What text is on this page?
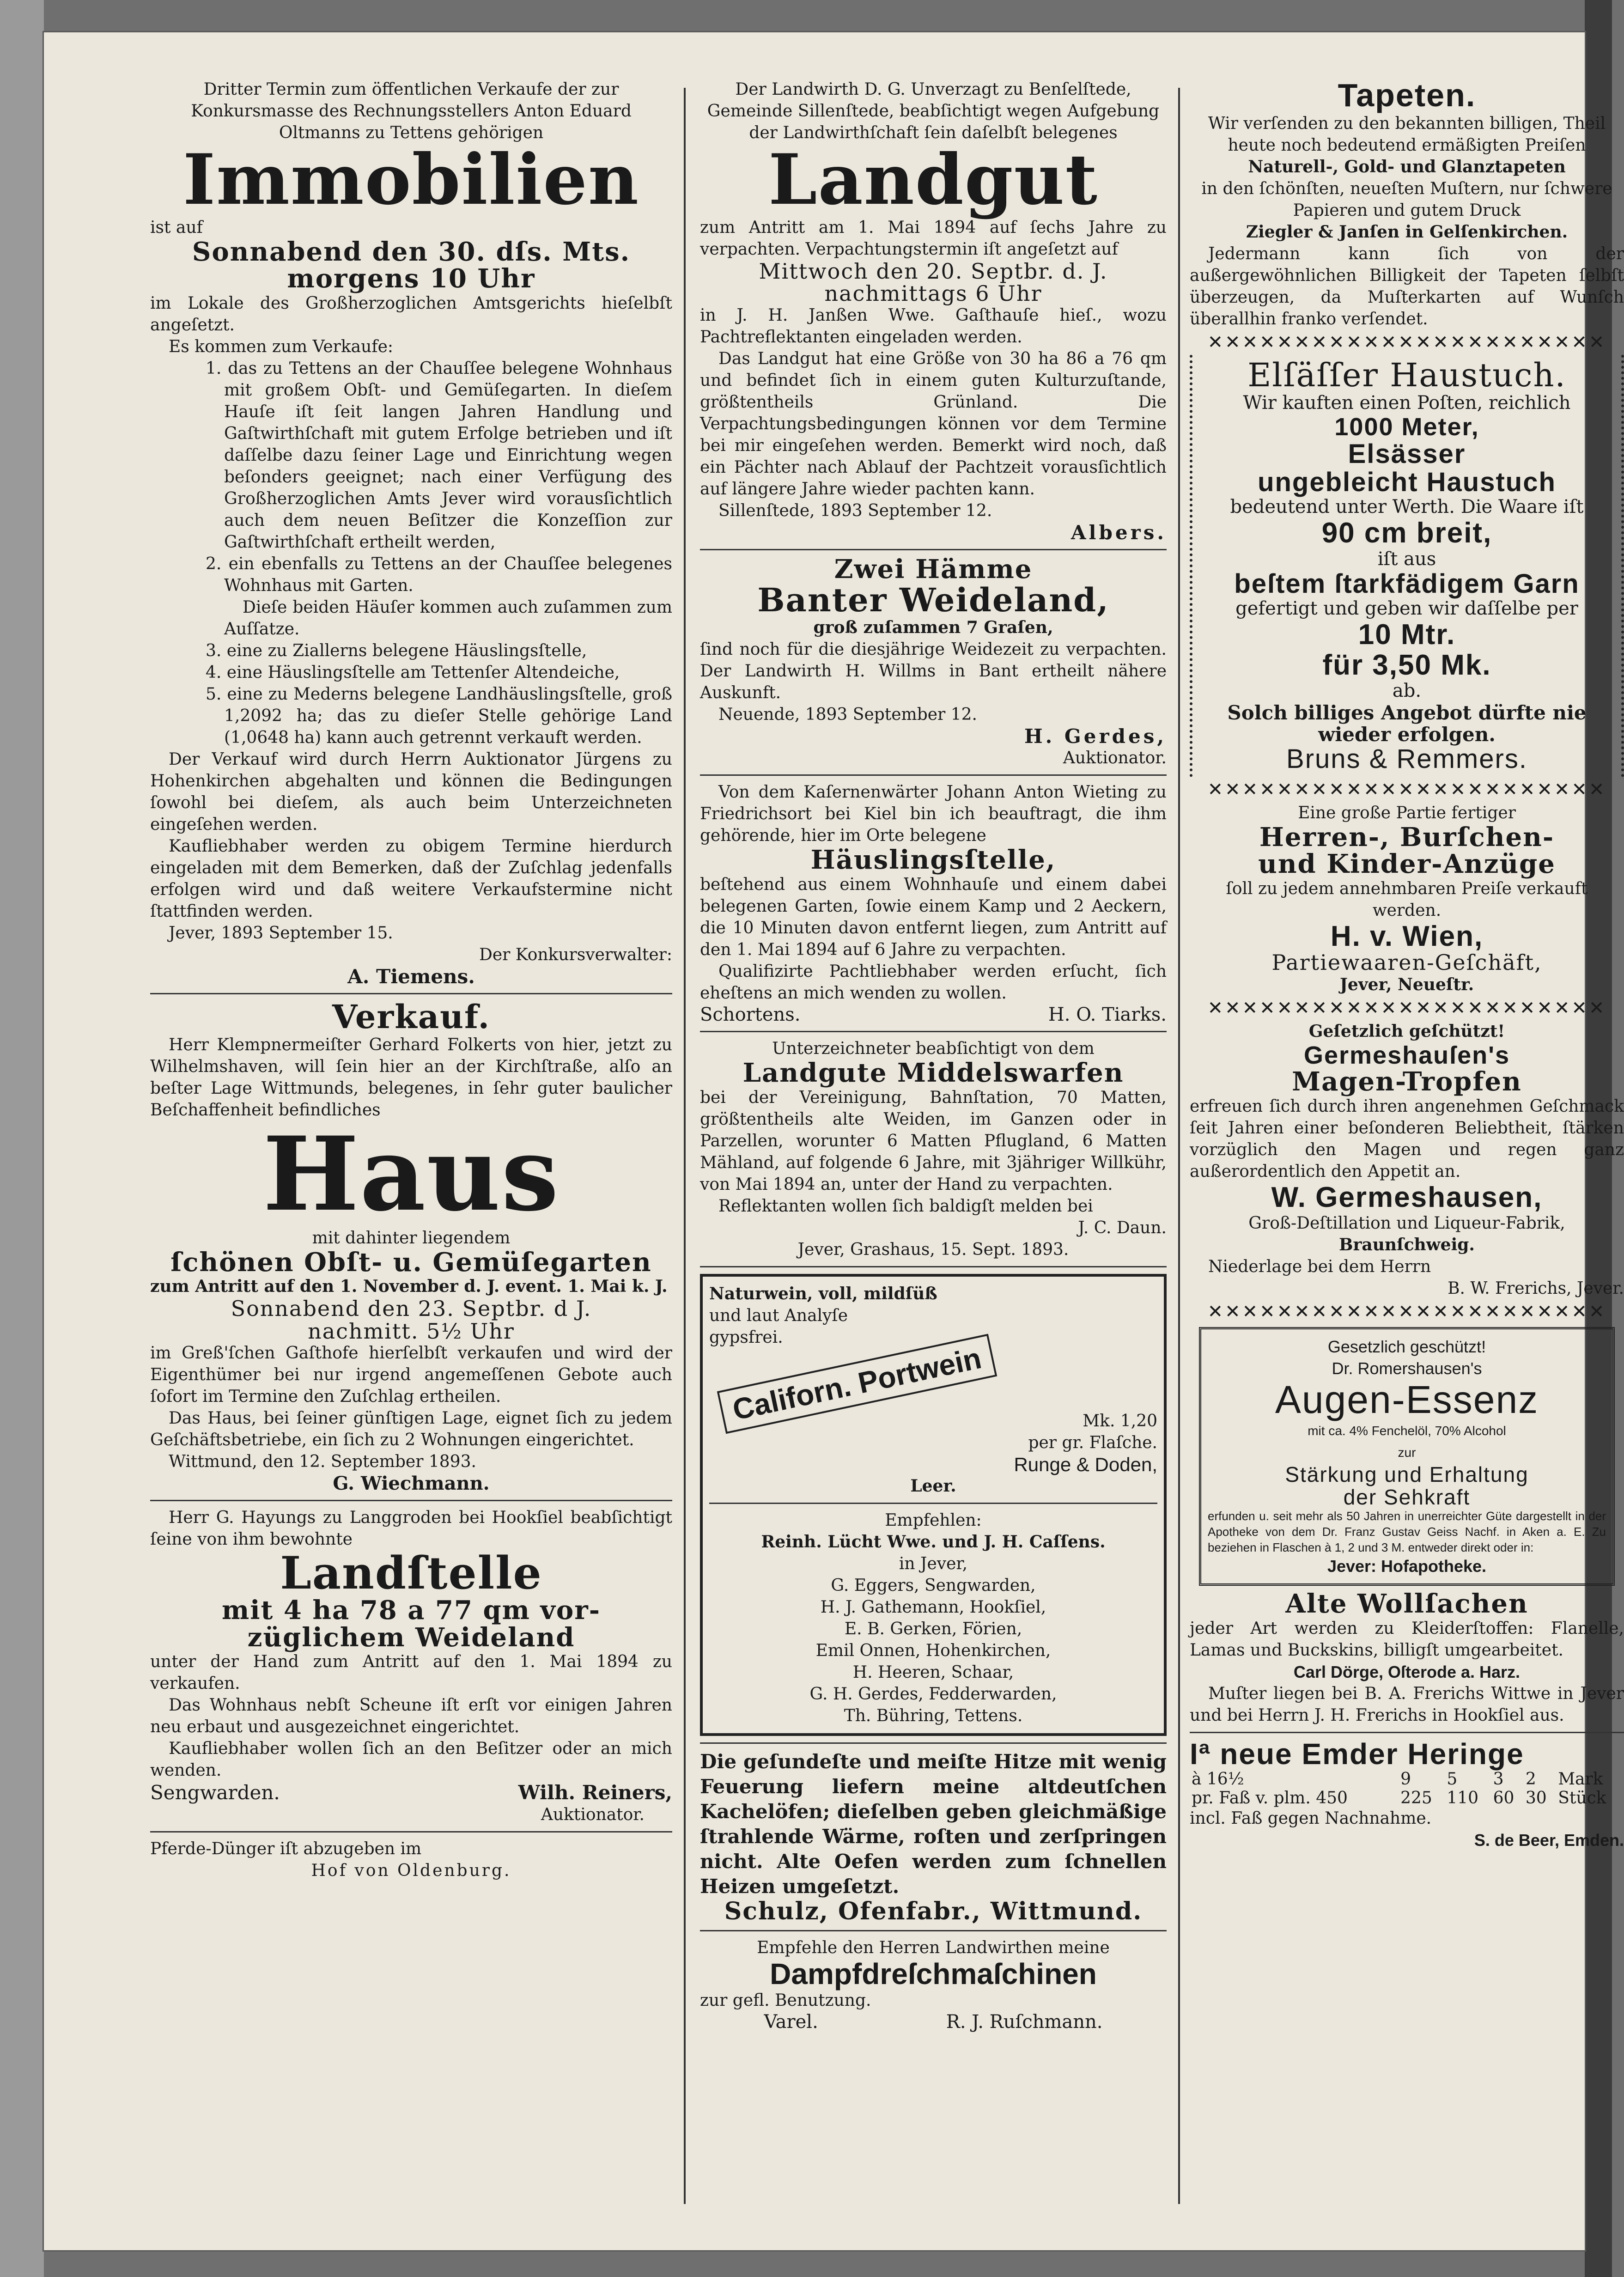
Dritter Termin zum öffentlichen Verkaufe der zur Konkursmasse des Rechnungsstellers Anton Eduard Oltmanns zu Tettens gehörigen

Immobilien

ist auf

Sonnabend den 30. dſs. Mts.

morgens 10 Uhr

im Lokale des Großherzoglichen Amtsgerichts hieſelbſt angeſetzt.

Es kommen zum Verkaufe:

1. das zu Tettens an der Chauſſee belegene Wohnhaus mit großem Obſt- und Gemüſegarten. In dieſem Hauſe iſt ſeit langen Jahren Handlung und Gaſtwirthſchaft mit gutem Erfolge betrieben und iſt daſſelbe dazu ſeiner Lage und Einrichtung wegen beſonders geeignet; nach einer Verfügung des Großherzoglichen Amts Jever wird vorausſichtlich auch dem neuen Beſitzer die Konzeſſion zur Gaſtwirthſchaft ertheilt werden,

2. ein ebenfalls zu Tettens an der Chauſſee belegenes Wohnhaus mit Garten.

Dieſe beiden Häuſer kommen auch zuſammen zum Auſſatze.

3. eine zu Ziallerns belegene Häuslingsſtelle,

4. eine Häuslingsſtelle am Tettenſer Altendeiche,

5. eine zu Mederns belegene Landhäuslingsſtelle, groß 1,2092 ha; das zu dieſer Stelle gehörige Land (1,0648 ha) kann auch getrennt verkauft werden.

Der Verkauf wird durch Herrn Auktionator Jürgens zu Hohenkirchen abgehalten und können die Bedingungen ſowohl bei dieſem, als auch beim Unterzeichneten eingeſehen werden.

Kaufliebhaber werden zu obigem Termine hierdurch eingeladen mit dem Bemerken, daß der Zuſchlag jedenfalls erfolgen wird und daß weitere Verkaufstermine nicht ſtattfinden werden.

Jever, 1893 September 15.

Der Konkursverwalter:

A. Tiemens.

Verkauf.

Herr Klempnermeiſter Gerhard Folkerts von hier, jetzt zu Wilhelmshaven, will ſein hier an der Kirchſtraße, alſo an beſter Lage Wittmunds, belegenes, in ſehr guter baulicher Beſchaffenheit befindliches

Haus

mit dahinter liegendem

ſchönen Obſt- u. Gemüſegarten

zum Antritt auf den 1. November d. J. event. 1. Mai k. J.

Sonnabend den 23. Septbr. d J.

nachmitt. 5½ Uhr

im Greß'ſchen Gaſthofe hierſelbſt verkaufen und wird der Eigenthümer bei nur irgend angemeſſenen Gebote auch ſofort im Termine den Zuſchlag ertheilen.

Das Haus, bei ſeiner günſtigen Lage, eignet ſich zu jedem Geſchäftsbetriebe, ein ſich zu 2 Wohnungen eingerichtet.

Wittmund, den 12. September 1893.

G. Wiechmann.

Herr G. Hayungs zu Langgroden bei Hookſiel beabſichtigt ſeine von ihm bewohnte

Landſtelle

mit 4 ha 78 a 77 qm vor-

züglichem Weideland

unter der Hand zum Antritt auf den 1. Mai 1894 zu verkaufen.

Das Wohnhaus nebſt Scheune iſt erſt vor einigen Jahren neu erbaut und ausgezeichnet eingerichtet.

Kaufliebhaber wollen ſich an den Beſitzer oder an mich wenden.

Sengwarden.	Wilh. Reiners,

Auktionator.

Pferde-Dünger iſt abzugeben im

Hof von Oldenburg.

Der Landwirth D. G. Unverzagt zu Benſelſtede, Gemeinde Sillenſtede, beabſichtigt wegen Aufgebung der Landwirthſchaft ſein daſelbſt belegenes

Landgut

zum Antritt am 1. Mai 1894 auf ſechs Jahre zu verpachten. Verpachtungstermin iſt angeſetzt auf

Mittwoch den 20. Septbr. d. J.

nachmittags 6 Uhr

in J. H. Janßen Wwe. Gaſthauſe hieſ., wozu Pachtreflektanten eingeladen werden.

Das Landgut hat eine Größe von 30 ha 86 a 76 qm und befindet ſich in einem guten Kulturzuſtande, größtentheils Grünland. Die Verpachtungsbedingungen können vor dem Termine bei mir eingeſehen werden. Bemerkt wird noch, daß ein Pächter nach Ablauf der Pachtzeit vorausſichtlich auf längere Jahre wieder pachten kann.

Sillenſtede, 1893 September 12.

Albers.

Zwei Hämme

Banter Weideland,

groß zuſammen 7 Graſen,

ſind noch für die diesjährige Weidezeit zu verpachten. Der Landwirth H. Willms in Bant ertheilt nähere Auskunft.

Neuende, 1893 September 12.

H. Gerdes,

Auktionator.

Von dem Kaſernenwärter Johann Anton Wieting zu Friedrichsort bei Kiel bin ich beauftragt, die ihm gehörende, hier im Orte belegene

Häuslingsſtelle,

beſtehend aus einem Wohnhauſe und einem dabei belegenen Garten, ſowie einem Kamp und 2 Aeckern, die 10 Minuten davon entfernt liegen, zum Antritt auf den 1. Mai 1894 auf 6 Jahre zu verpachten.

Qualifizirte Pachtliebhaber werden erſucht, ſich eheſtens an mich wenden zu wollen.

Schortens.	H. O. Tiarks.

Unterzeichneter beabſichtigt von dem

Landgute Middelswarfen

bei der Vereinigung, Bahnſtation, 70 Matten, größtentheils alte Weiden, im Ganzen oder in Parzellen, worunter 6 Matten Pflugland, 6 Matten Mähland, auf folgende 6 Jahre, mit 3jähriger Willkühr, von Mai 1894 an, unter der Hand zu verpachten.

Reflektanten wollen ſich baldigſt melden bei

J. C. Daun.

Jever, Grashaus, 15. Sept. 1893.

Naturwein, voll, mildſüß

und laut Analyſe

gypsfrei.

Californ. Portwein	Mk. 1,20

per gr. Flaſche.

Runge & Doden,

Leer.

Empfehlen:

Reinh. Lücht Wwe. und J. H. Caſſens.

in Jever,

G. Eggers, Sengwarden,

H. J. Gathemann, Hookſiel,

E. B. Gerken, Förien,

Emil Onnen, Hohenkirchen,

H. Heeren, Schaar,

G. H. Gerdes, Fedderwarden,

Th. Bühring, Tettens.

Die geſundeſte und meiſte Hitze mit wenig Feuerung liefern meine altdeutſchen Kachelöfen; dieſelben geben gleichmäßige ſtrahlende Wärme, roſten und zerſpringen nicht. Alte Oefen werden zum ſchnellen Heizen umgeſetzt.

Schulz, Ofenfabr., Wittmund.

Empfehle den Herren Landwirthen meine

Dampfdreſchmaſchinen

zur gefl. Benutzung.

Varel.	R. J. Ruſchmann.

Tapeten.

Wir verſenden zu den bekannten billigen, Theil heute noch bedeutend ermäßigten Preiſen

Naturell-, Gold- und Glanztapeten

in den ſchönſten, neueſten Muſtern, nur ſchwere Papieren und gutem Druck

Ziegler & Janſen in Gelſenkirchen.

Jedermann kann ſich von der außergewöhnlichen Billigkeit der Tapeten ſelbſt überzeugen, da Muſterkarten auf Wunſch überallhin franko verſendet.

✕✕✕✕✕✕✕✕✕✕✕✕✕✕✕✕✕✕✕✕✕✕✕

Elſäſſer Haustuch.

Wir kauften einen Poſten, reichlich

1000 Meter,

Elsässer

ungebleicht Haustuch

bedeutend unter Werth. Die Waare iſt

90 cm breit,

iſt aus

beſtem ſtarkfädigem Garn

gefertigt und geben wir daſſelbe per

10 Mtr.

für 3,50 Mk.

ab.

Solch billiges Angebot dürfte nie wieder erfolgen.

Bruns & Remmers.

✕✕✕✕✕✕✕✕✕✕✕✕✕✕✕✕✕✕✕✕✕✕✕

Eine große Partie fertiger

Herren-, Burſchen-

und Kinder-Anzüge

ſoll zu jedem annehmbaren Preiſe verkauft werden.

H. v. Wien,

Partiewaaren-Geſchäft,

Jever, Neueſtr.

✕✕✕✕✕✕✕✕✕✕✕✕✕✕✕✕✕✕✕✕✕✕✕

Geſetzlich geſchützt!

Germeshauſen's

Magen-Tropfen

erfreuen ſich durch ihren angenehmen Geſchmack ſeit Jahren einer beſonderen Beliebtheit, ſtärken vorzüglich den Magen und regen ganz außerordentlich den Appetit an.

W. Germeshausen,

Groß-Deſtillation und Liqueur-Fabrik,

Braunſchweig.

Niederlage bei dem Herrn

B. W. Frerichs, Jever.

✕✕✕✕✕✕✕✕✕✕✕✕✕✕✕✕✕✕✕✕✕✕✕

Gesetzlich geschützt!

Dr. Romershausen's

Augen-Essenz

mit ca. 4% Fenchelöl, 70% Alcohol

zur

Stärkung und Erhaltung

der Sehkraft

erfunden u. seit mehr als 50 Jahren in unerreichter Güte dargestellt in der Apotheke von dem Dr. Franz Gustav Geiss Nachf. in Aken a. E. Zu beziehen in Flaschen à 1, 2 und 3 M. entweder direkt oder in:

Jever: Hofapotheke.

Alte Wollſachen

jeder Art werden zu Kleiderſtoffen: Flanelle, Lamas und Buckskins, billigſt umgearbeitet.

Carl Dörge, Oſterode a. Harz.

Muſter liegen bei B. A. Frerichs Wittwe in Jever und bei Herrn J. H. Frerichs in Hookſiel aus.

Iª neue Emder Heringe

à 16½	9	5	3	2	Mark
pr. Faß v. plm. 450	225	110	60	30	Stück

incl. Faß gegen Nachnahme.

S. de Beer, Emden.
